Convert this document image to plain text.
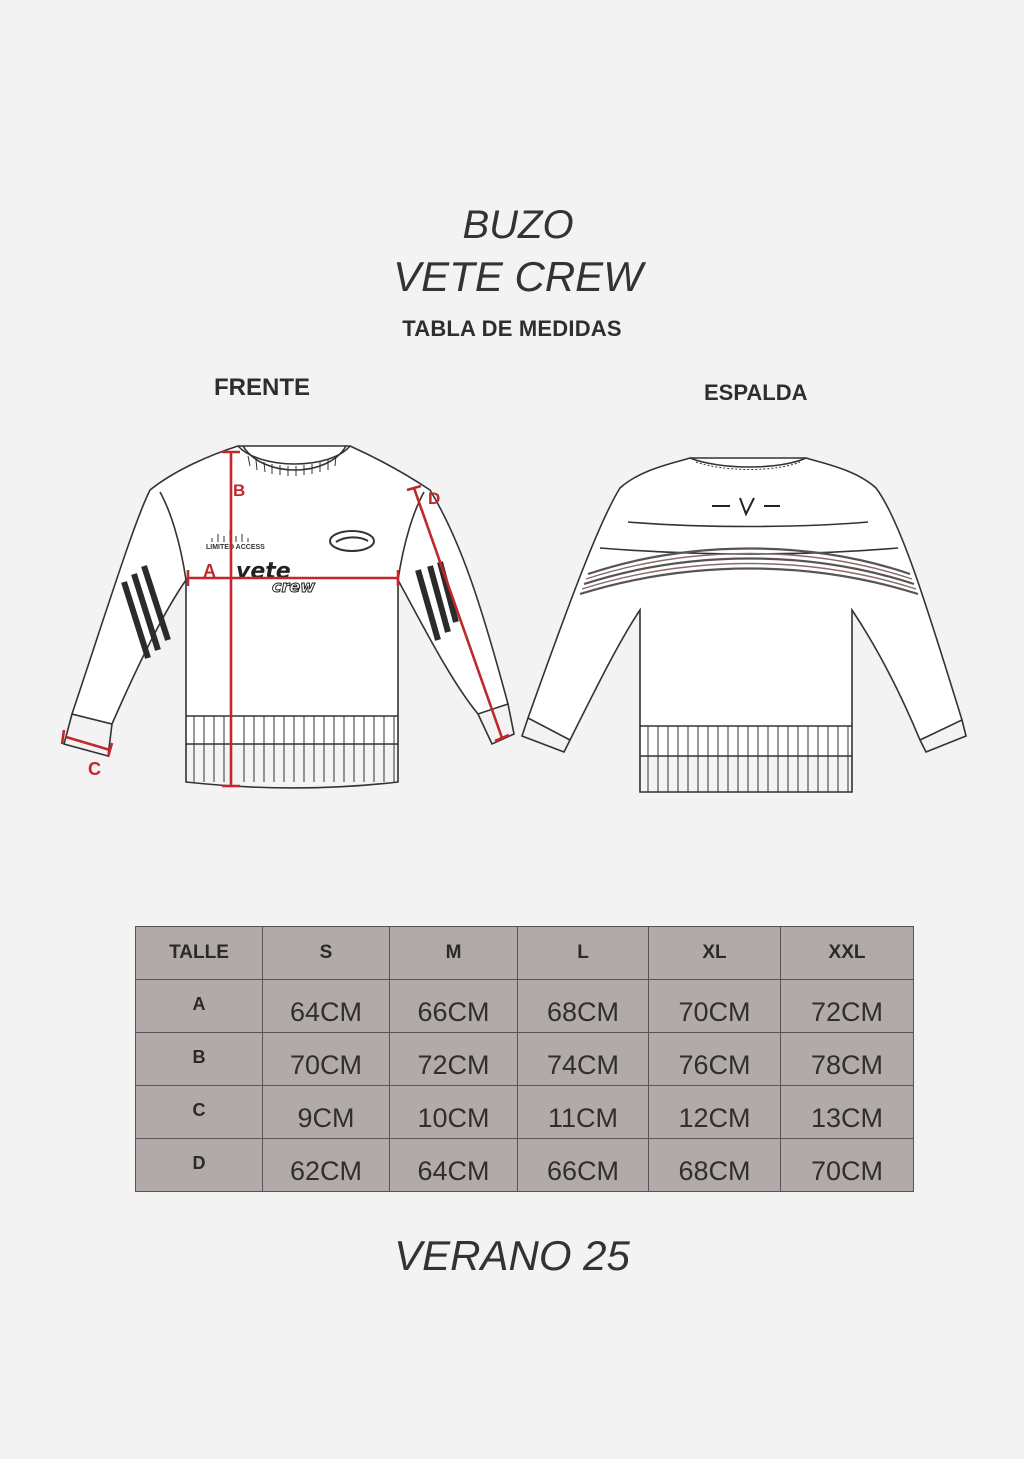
BUZO
VETE CREW
TABLA DE MEDIDAS
FRENTE	ESPALDA
LIMITED ACCESS
vete
crew
A
B
C
D
TALLE	S	M	L	XL	XXL
A	64CM	66CM	68CM	70CM	72CM
B	70CM	72CM	74CM	76CM	78CM
C	9CM	10CM	11CM	12CM	13CM
D	62CM	64CM	66CM	68CM	70CM
VERANO 25
